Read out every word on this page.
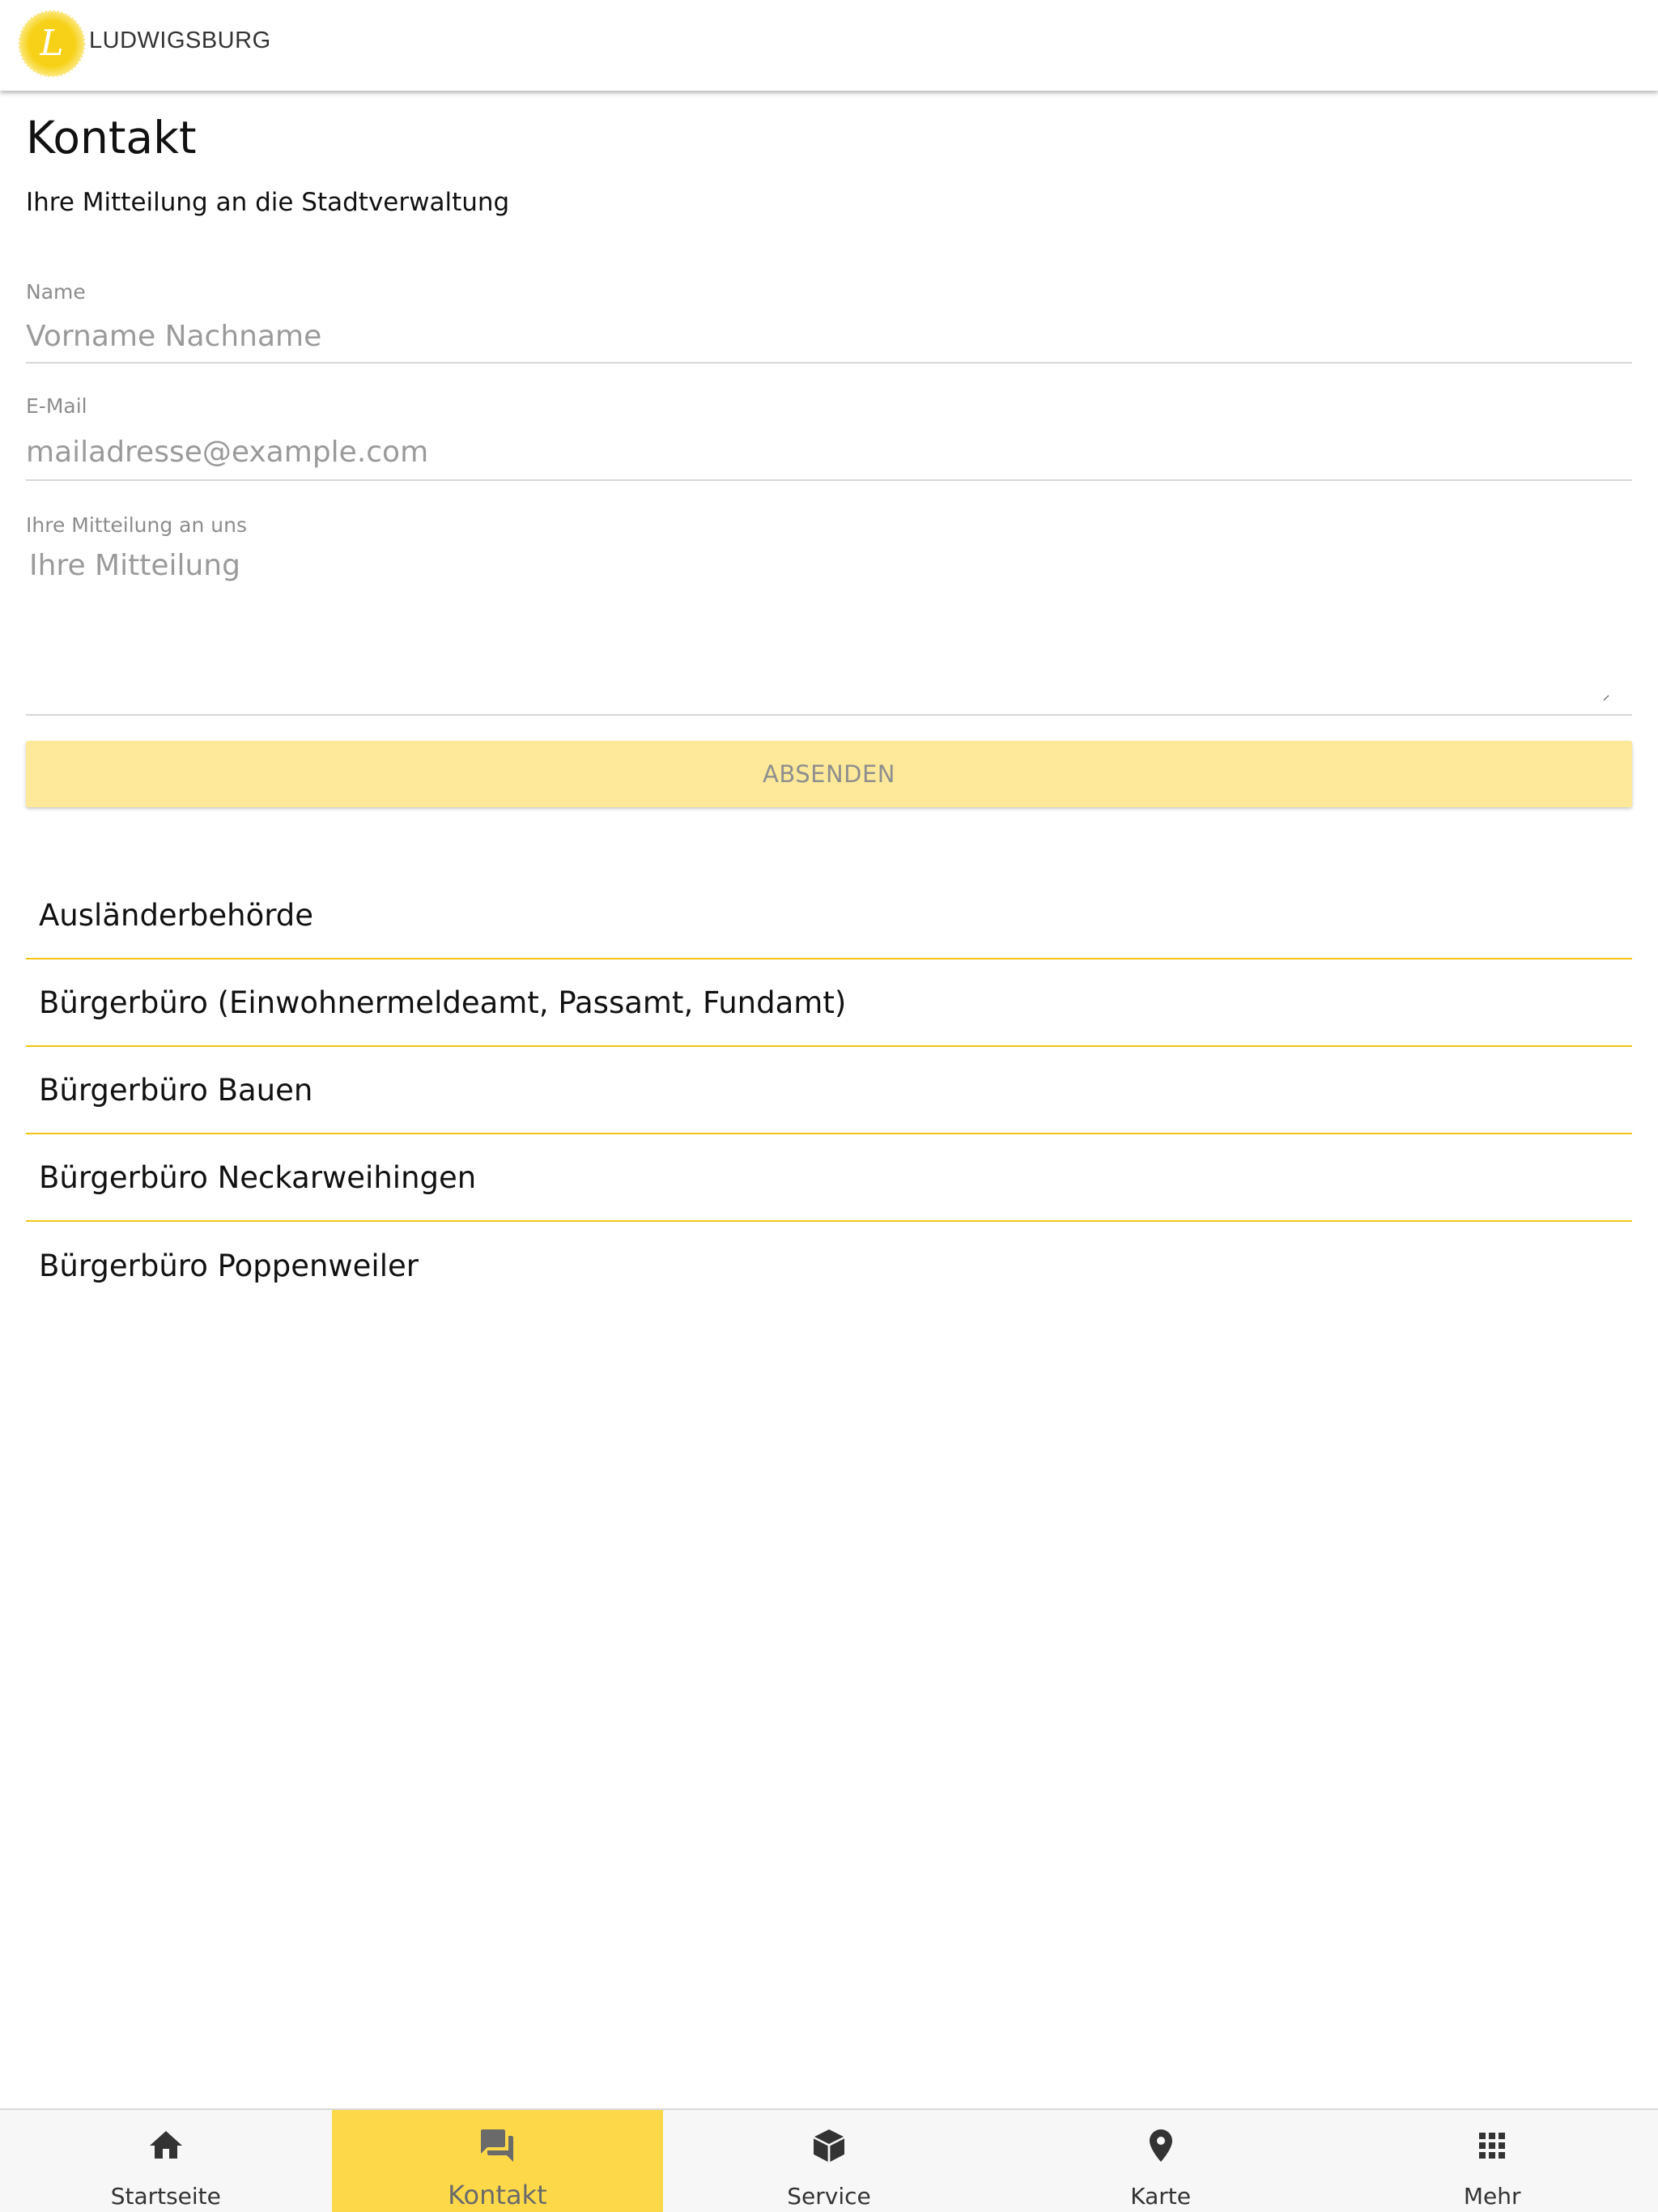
L LUDWIGSBURG
Kontakt

Ihre Mitteilung an die Stadtverwaltung

Name
Vorname Nachname
E-Mail
mailadresse@example.com
Ihre Mitteilung an uns
Ihre Mitteilung
ABSENDEN
Ausländerbehörde
Bürgerbüro (Einwohnermeldeamt, Passamt, Fundamt)
Bürgerbüro Bauen
Bürgerbüro Neckarweihingen
Bürgerbüro Poppenweiler
Startseite	Kontakt	Service	Karte	Mehr
